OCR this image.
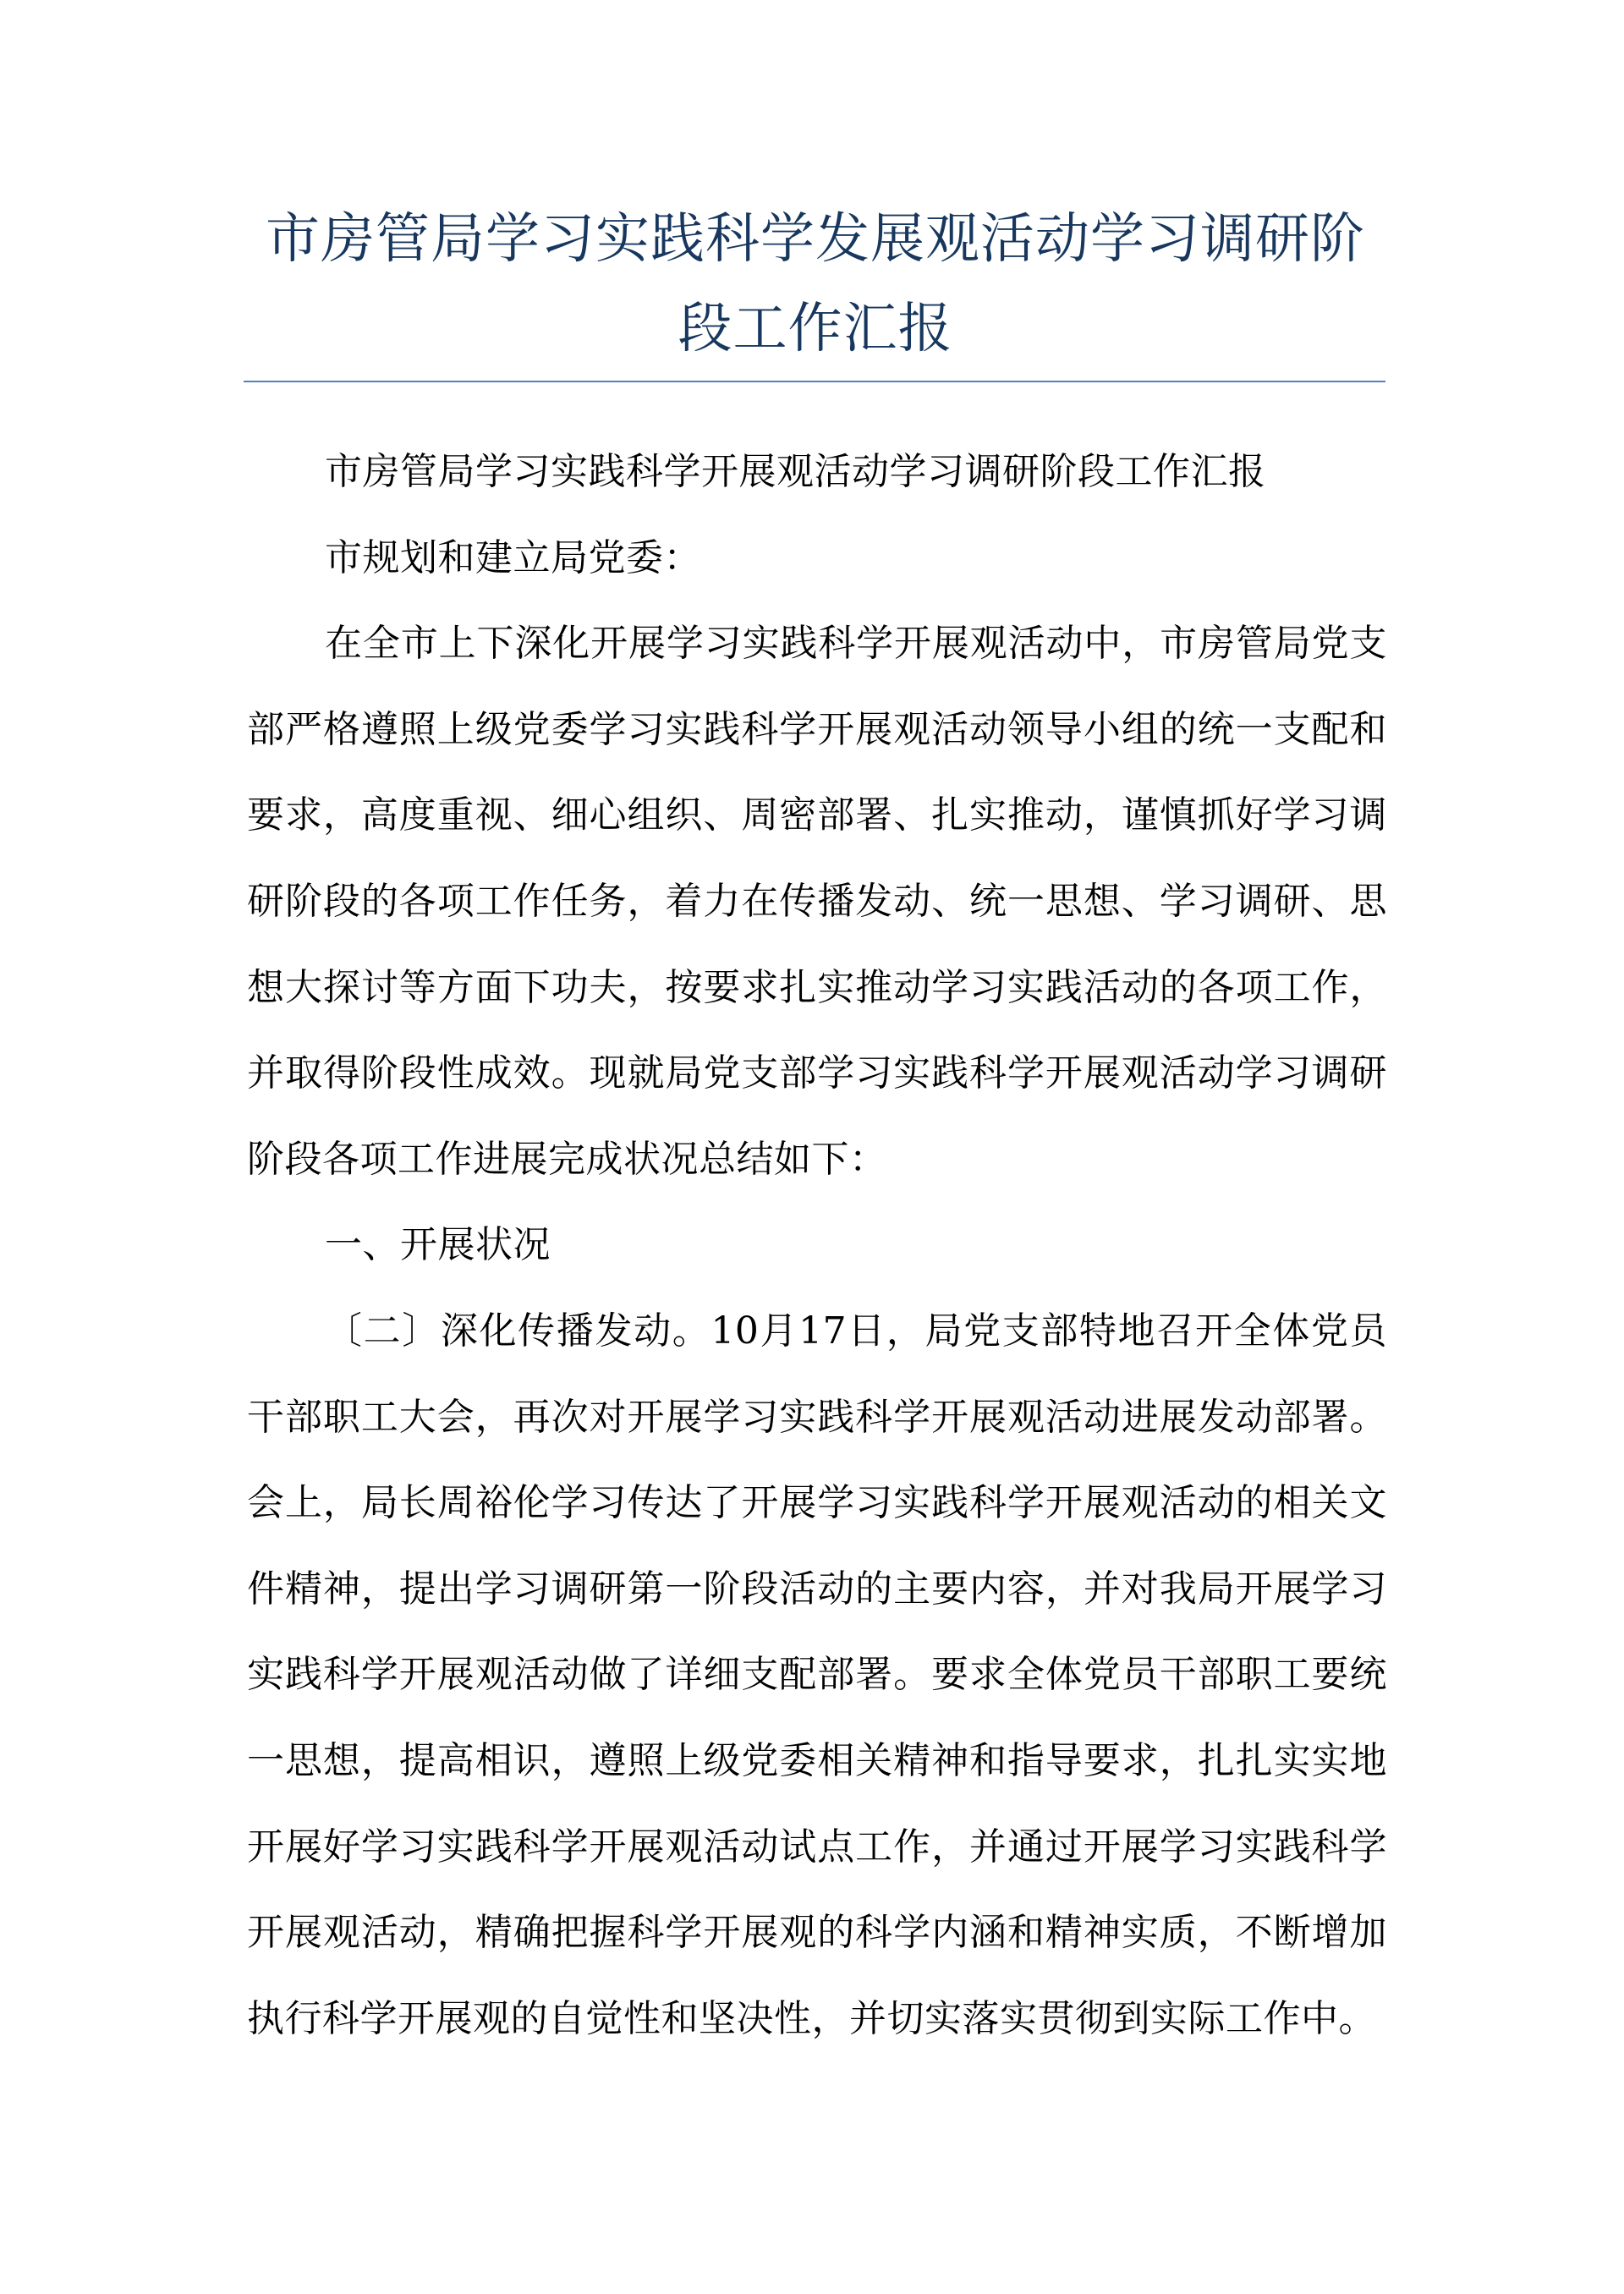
市房管局学习实践科学发展观活动学习调研阶段工作汇报

市房管局学习实践科学开展观活动学习调研阶段工作汇报

市规划和建立局党委：

在全市上下深化开展学习实践科学开展观活动中，市房管局党支部严格遵照上级党委学习实践科学开展观活动领导小组的统一支配和要求，高度重视、细心组织、周密部署、扎实推动，谨慎抓好学习调研阶段的各项工作任务，着力在传播发动、统一思想、学习调研、思想大探讨等方面下功夫，按要求扎实推动学习实践活动的各项工作，并取得阶段性成效。现就局党支部学习实践科学开展观活动学习调研阶段各项工作进展完成状况总结如下：

一、开展状况

〔二〕深化传播发动。10月17日，局党支部特地召开全体党员干部职工大会，再次对开展学习实践科学开展观活动进展发动部署。会上，局长周裕伦学习传达了开展学习实践科学开展观活动的相关文件精神，提出学习调研第一阶段活动的主要内容，并对我局开展学习实践科学开展观活动做了详细支配部署。要求全体党员干部职工要统一思想，提高相识，遵照上级党委相关精神和指导要求，扎扎实实地开展好学习实践科学开展观活动试点工作，并通过开展学习实践科学开展观活动，精确把握科学开展观的科学内涵和精神实质，不断增加执行科学开展观的自觉性和坚决性，并切实落实贯彻到实际工作中。
